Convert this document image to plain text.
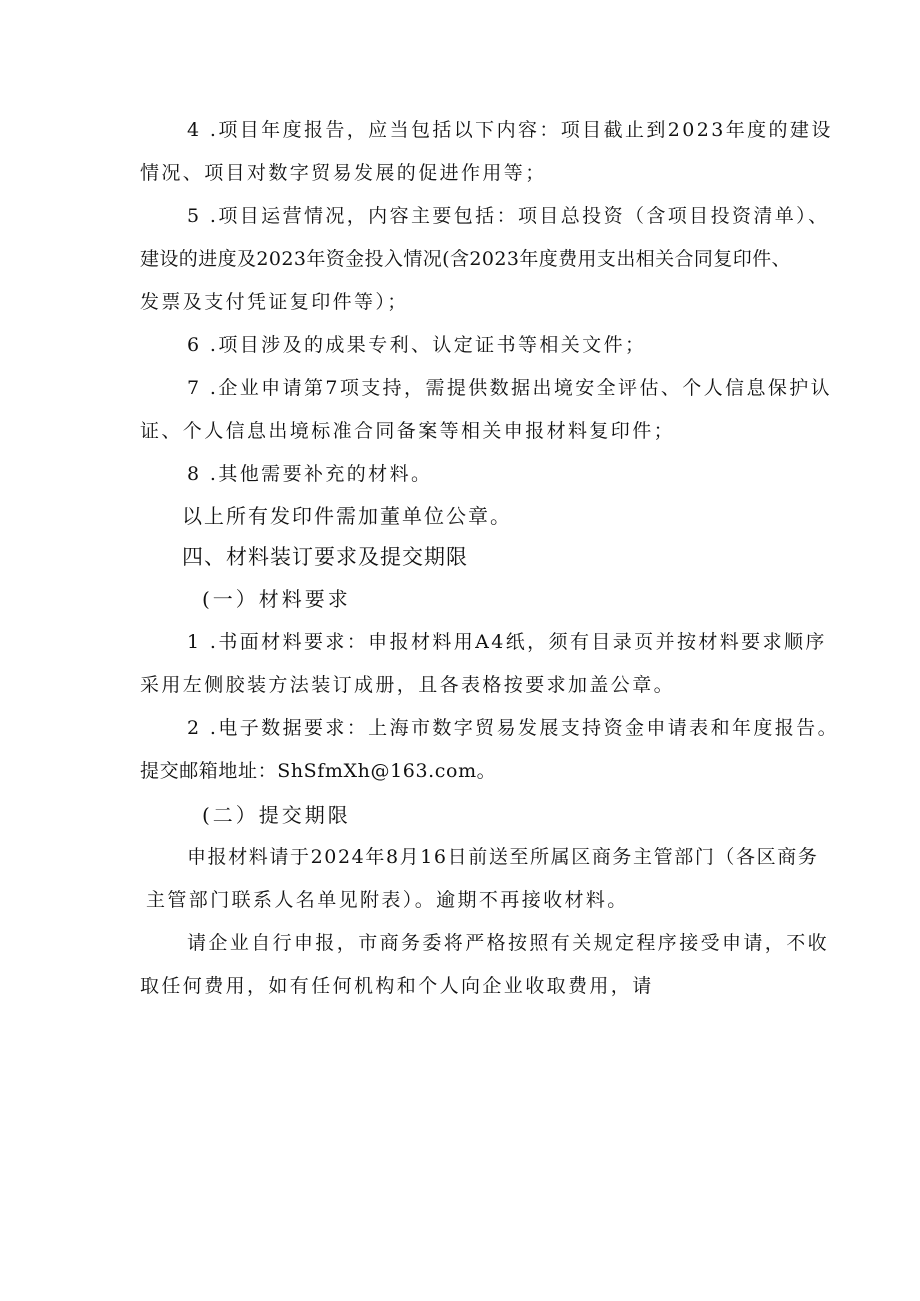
4 .项目年度报告，应当包括以下内容：项目截止到2023年度的建设
情况、项目对数字贸易发展的促进作用等；
5 .项目运营情况，内容主要包括：项目总投资（含项目投资清单）、
建设的进度及2023年资金投入情况(含2023年度费用支出相关合同复印件、
发票及支付凭证复印件等）；
6 .项目涉及的成果专利、认定证书等相关文件；
7 .企业申请第7项支持，需提供数据出境安全评估、个人信息保护认
证、个人信息出境标准合同备案等相关申报材料复印件；
8 .其他需要补充的材料。
以上所有发印件需加董单位公章。
四、材料装订要求及提交期限
(一）材料要求
1 .书面材料要求：申报材料用A4纸，须有目录页并按材料要求顺序
采用左侧胶装方法装订成册，且各表格按要求加盖公章。
2 .电子数据要求：上海市数字贸易发展支持资金申请表和年度报告。
提交邮箱地址：ShSfmXh@163.com。
(二）提交期限
申报材料请于2024年8月16日前送至所属区商务主管部门（各区商务
主管部门联系人名单见附表）。逾期不再接收材料。
请企业自行申报，市商务委将严格按照有关规定程序接受申请，不收
取任何费用，如有任何机构和个人向企业收取费用，请
